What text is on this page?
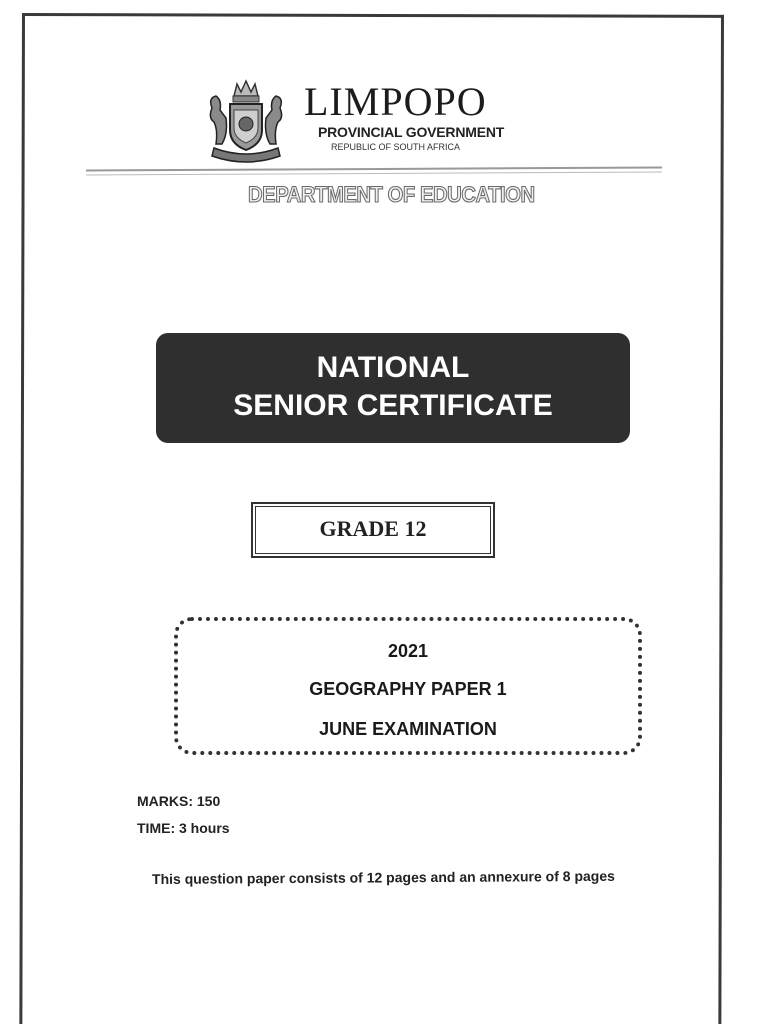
LIMPOPO
PROVINCIAL GOVERNMENT
REPUBLIC OF SOUTH AFRICA
DEPARTMENT OF EDUCATION
NATIONAL
SENIOR CERTIFICATE
GRADE 12
2021
GEOGRAPHY PAPER 1
JUNE EXAMINATION
MARKS: 150
TIME: 3 hours
This question paper consists of 12 pages and an annexure of 8 pages
